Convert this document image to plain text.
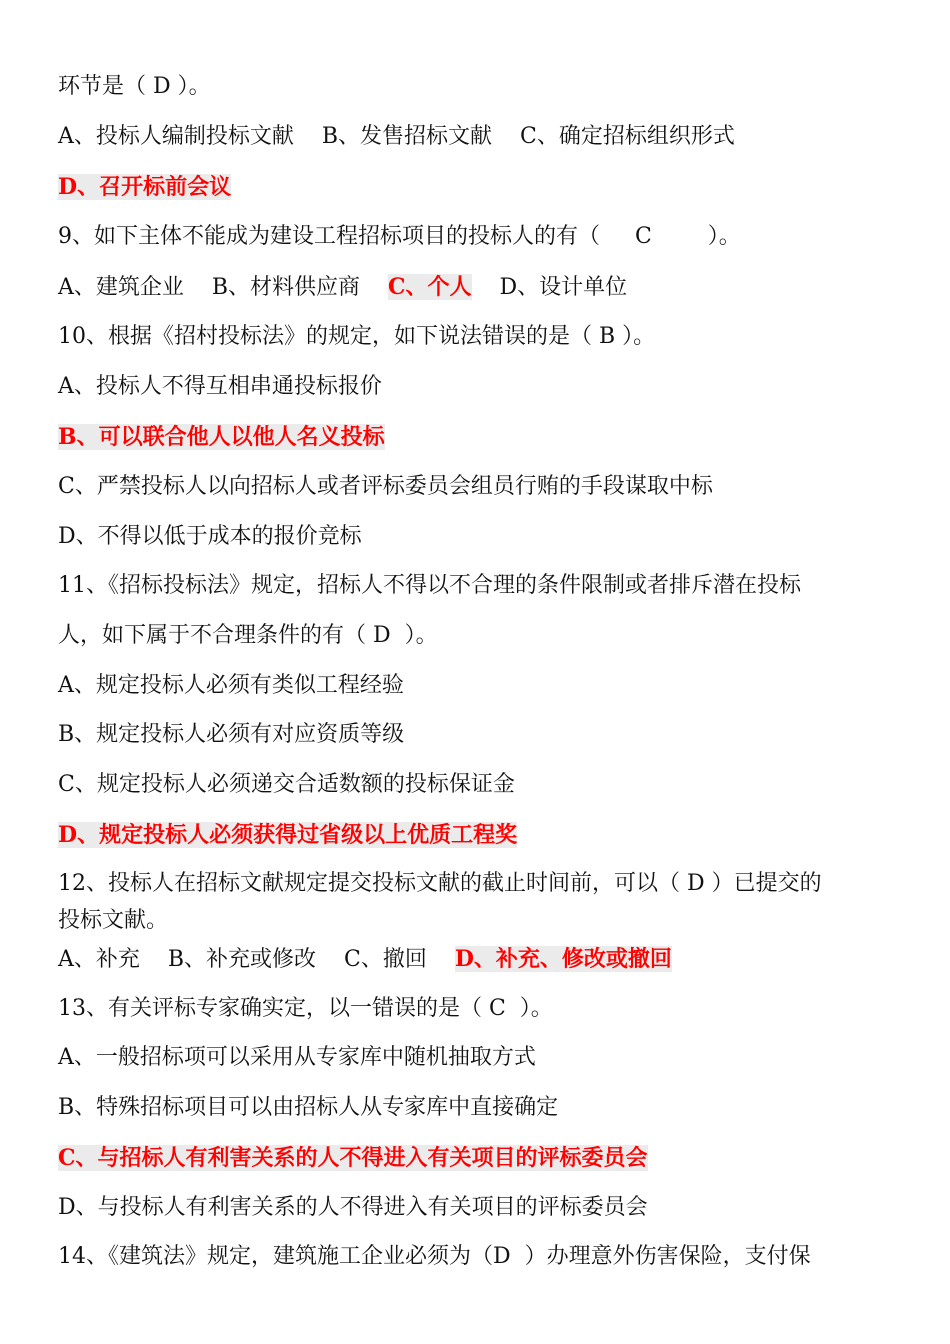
环节是（ D ）。
A、投标人编制投标文献    B、发售招标文献    C、确定招标组织形式
D、召开标前会议
9、如下主体不能成为建设工程招标项目的投标人的有（     C        ）。
A、建筑企业    B、材料供应商    C、个人    D、设计单位
10、根据《招村投标法》的规定，如下说法错误的是（ B ）。
A、投标人不得互相串通投标报价
B、可以联合他人以他人名义投标
C、严禁投标人以向招标人或者评标委员会组员行贿的手段谋取中标
D、不得以低于成本的报价竞标
11、《招标投标法》规定，招标人不得以不合理的条件限制或者排斥潜在投标
人，如下属于不合理条件的有（ D  ）。
A、规定投标人必须有类似工程经验
B、规定投标人必须有对应资质等级
C、规定投标人必须递交合适数额的投标保证金
D、规定投标人必须获得过省级以上优质工程奖
12、投标人在招标文献规定提交投标文献的截止时间前，可以（ D ）已提交的
投标文献。
A、补充    B、补充或修改    C、撤回    D、补充、修改或撤回
13、有关评标专家确实定，以一错误的是（ C  ）。
A、一般招标项可以采用从专家库中随机抽取方式
B、特殊招标项目可以由招标人从专家库中直接确定
C、与招标人有利害关系的人不得进入有关项目的评标委员会
D、与投标人有利害关系的人不得进入有关项目的评标委员会
14、《建筑法》规定，建筑施工企业必须为（D  ）办理意外伤害保险，支付保
